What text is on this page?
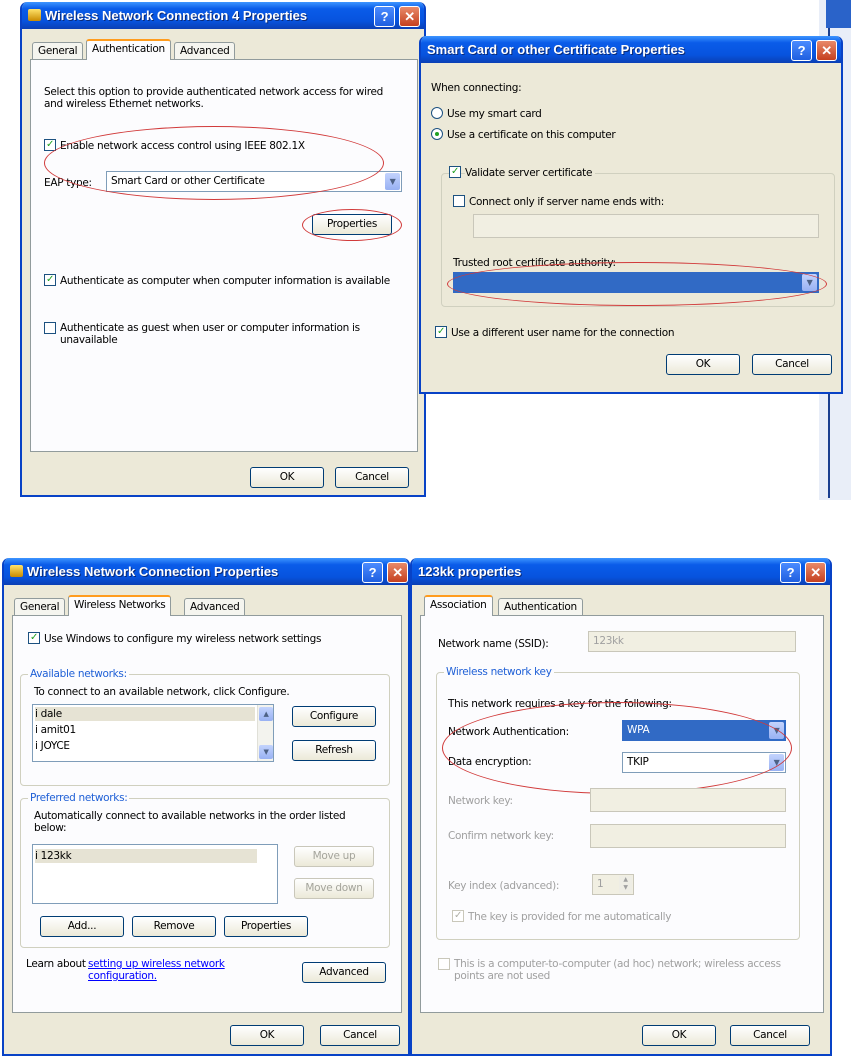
Wireless Network Connection 4 Properties	?	✕
General	Authentication	Advanced
Select this option to provide authenticated network access for wired and wireless Ethernet networks.
✓ Enable network access control using IEEE 802.1X
EAP type:	Smart Card or other Certificate	▼
Properties
✓ Authenticate as computer when computer information is available
Authenticate as guest when user or computer information is unavailable
OK	Cancel
Smart Card or other Certificate Properties	?	✕
When connecting:
Use my smart card
Use a certificate on this computer
✓ Validate server certificate
Connect only if server name ends with:
Trusted root certificate authority:
▼
✓ Use a different user name for the connection
OK	Cancel
Wireless Network Connection Properties	?	✕
General	Wireless Networks	Advanced
✓ Use Windows to configure my wireless network settings
Available networks:
To connect to an available network, click Configure.
ⅰ dale
ⅰ amit01
ⅰ JOYCE
▲
▼
Configure
Refresh
Preferred networks:
Automatically connect to available networks in the order listed below:
ⅰ 123kk	Move up
Move down
Add...	Remove	Properties
Learn about setting up wireless network configuration.	Advanced
OK	Cancel
123kk properties	?	✕
Association	Authentication
Network name (SSID):	123kk
Wireless network key
This network requires a key for the following:
Network Authentication:	WPA	▼
Data encryption:	TKIP	▼
Network key:
Confirm network key:
Key index (advanced):	1	▲
▼
✓ The key is provided for me automatically
This is a computer-to-computer (ad hoc) network; wireless access points are not used
OK	Cancel
